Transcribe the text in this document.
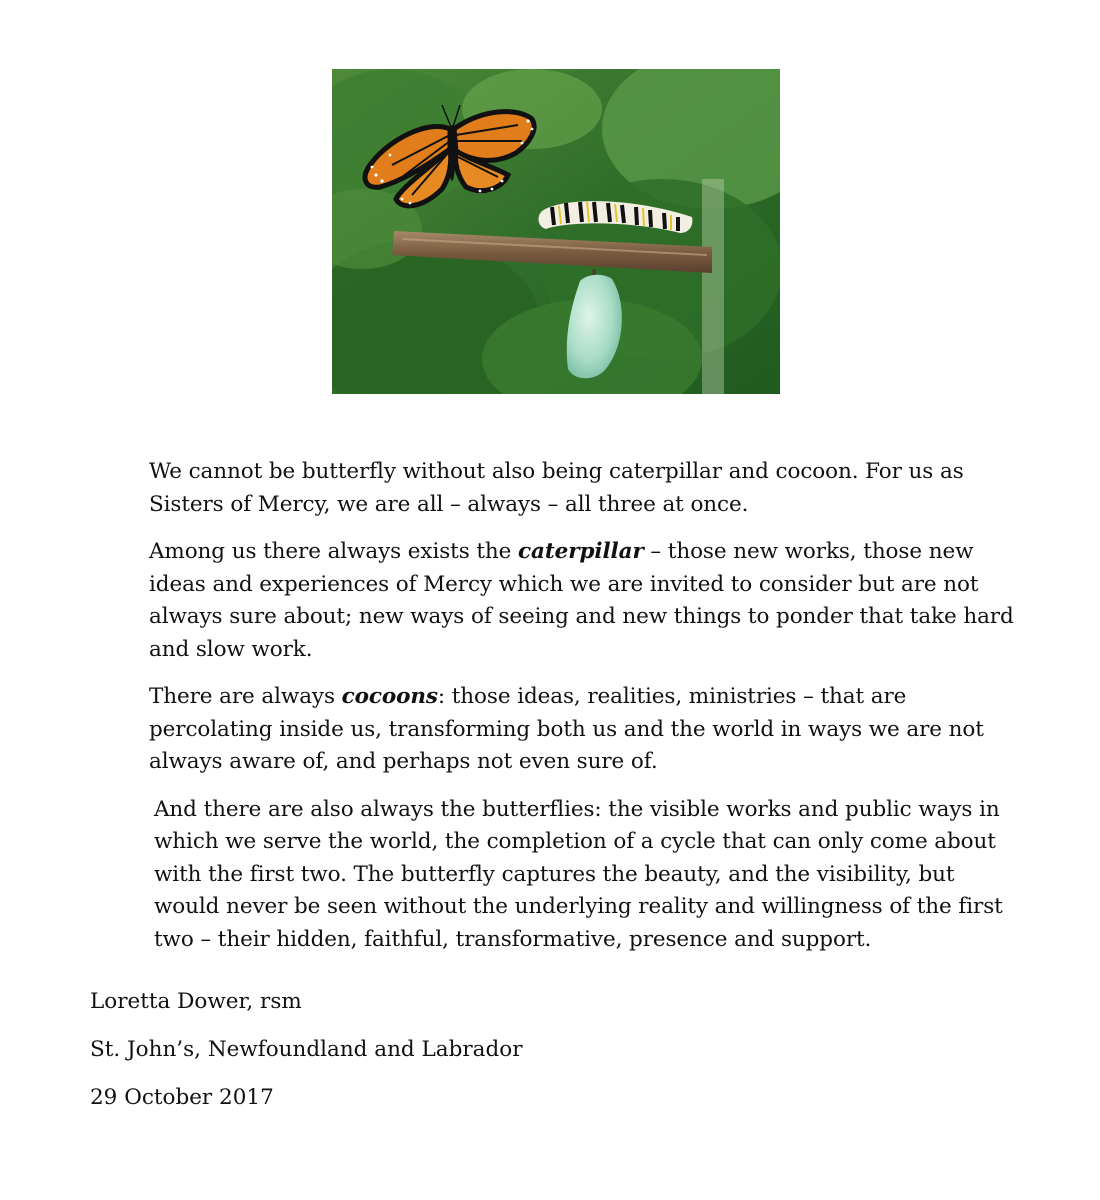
We cannot be butterfly without also being caterpillar and cocoon. For us as Sisters of Mercy, we are all – always – all three at once.

Among us there always exists the caterpillar – those new works, those new ideas and experiences of Mercy which we are invited to consider but are not always sure about; new ways of seeing and new things to ponder that take hard and slow work.

There are always cocoons: those ideas, realities, ministries – that are percolating inside us, transforming both us and the world in ways we are not always aware of, and perhaps not even sure of.

And there are also always the butterflies: the visible works and public ways in which we serve the world, the completion of a cycle that can only come about with the first two. The butterfly captures the beauty, and the visibility, but would never be seen without the underlying reality and willingness of the first two – their hidden, faithful, transformative, presence and support.

Loretta Dower, rsm

St. John’s, Newfoundland and Labrador

29 October 2017
